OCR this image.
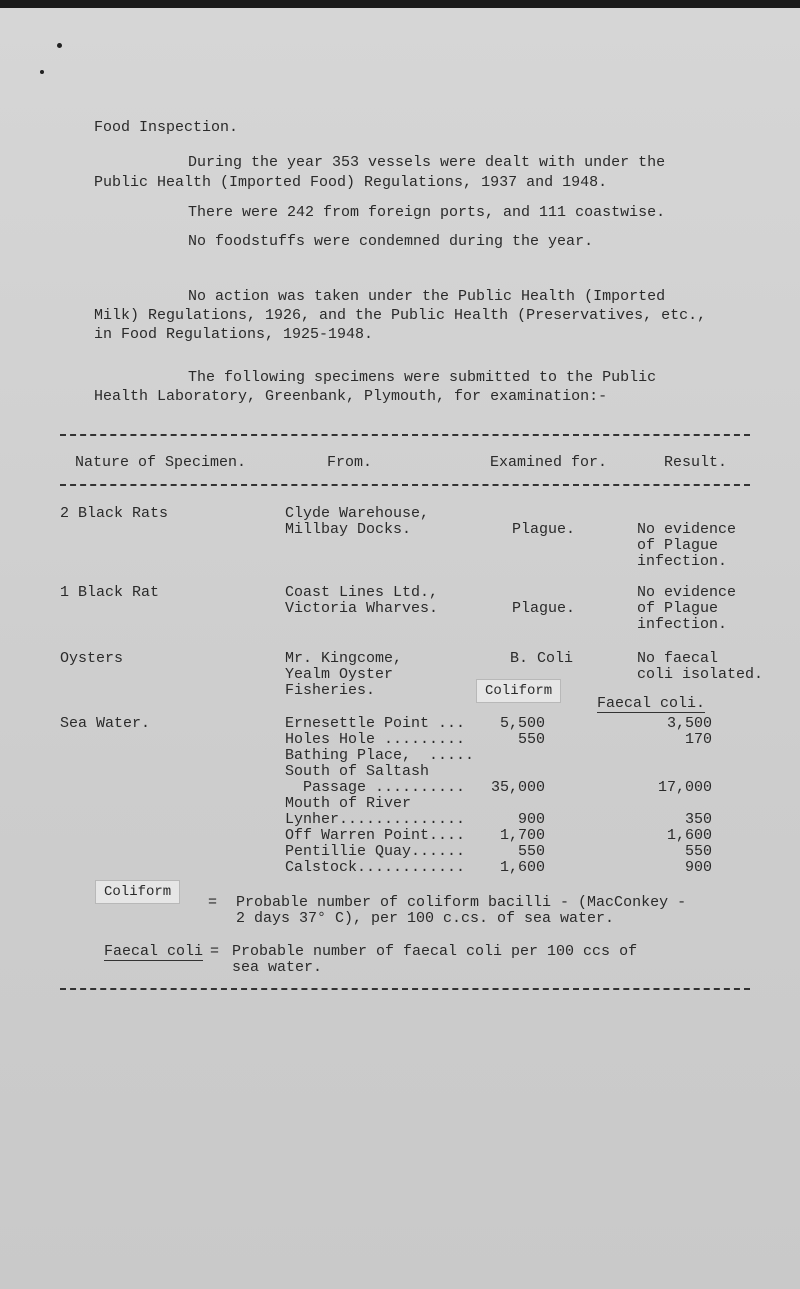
Food Inspection.
During the year 353 vessels were dealt with under the
Public Health (Imported Food) Regulations, 1937 and 1948.
There were 242 from foreign ports, and 111 coastwise.
No foodstuffs were condemned during the year.
No action was taken under the Public Health (Imported
Milk) Regulations, 1926, and the Public Health (Preservatives, etc.,
in Food Regulations, 1925-1948.
The following specimens were submitted to the Public
Health Laboratory, Greenbank, Plymouth, for examination:-
Nature of Specimen.	From.	Examined for.	Result.
2 Black Rats	Clyde Warehouse,
Millbay Docks.	Plague.	No evidence
of Plague
infection.
1 Black Rat	Coast Lines Ltd.,
Victoria Wharves.	Plague.
No evidence
of Plague
infection.
Oysters	Mr. Kingcome,
Yealm Oyster
Fisheries.
B. Coli	No faecal
coli isolated.
Coliform
Faecal coli.
Sea Water.	Ernesettle Point ... 5,500	3,500
Holes Hole .........	550	170
Bathing Place,  .....
South of Saltash
Passage .......... 35,000	17,000
Mouth of River
Lynher..............	900	350
Off Warren Point.... 1,700	1,600
Pentillie Quay......	550	550
Calstock............ 1,600	900
Coliform
= Probable number of coliform bacilli - (MacConkey -
2 days 37° C), per 100 c.cs. of sea water.
Faecal coli = Probable number of faecal coli per 100 ccs of
sea water.
